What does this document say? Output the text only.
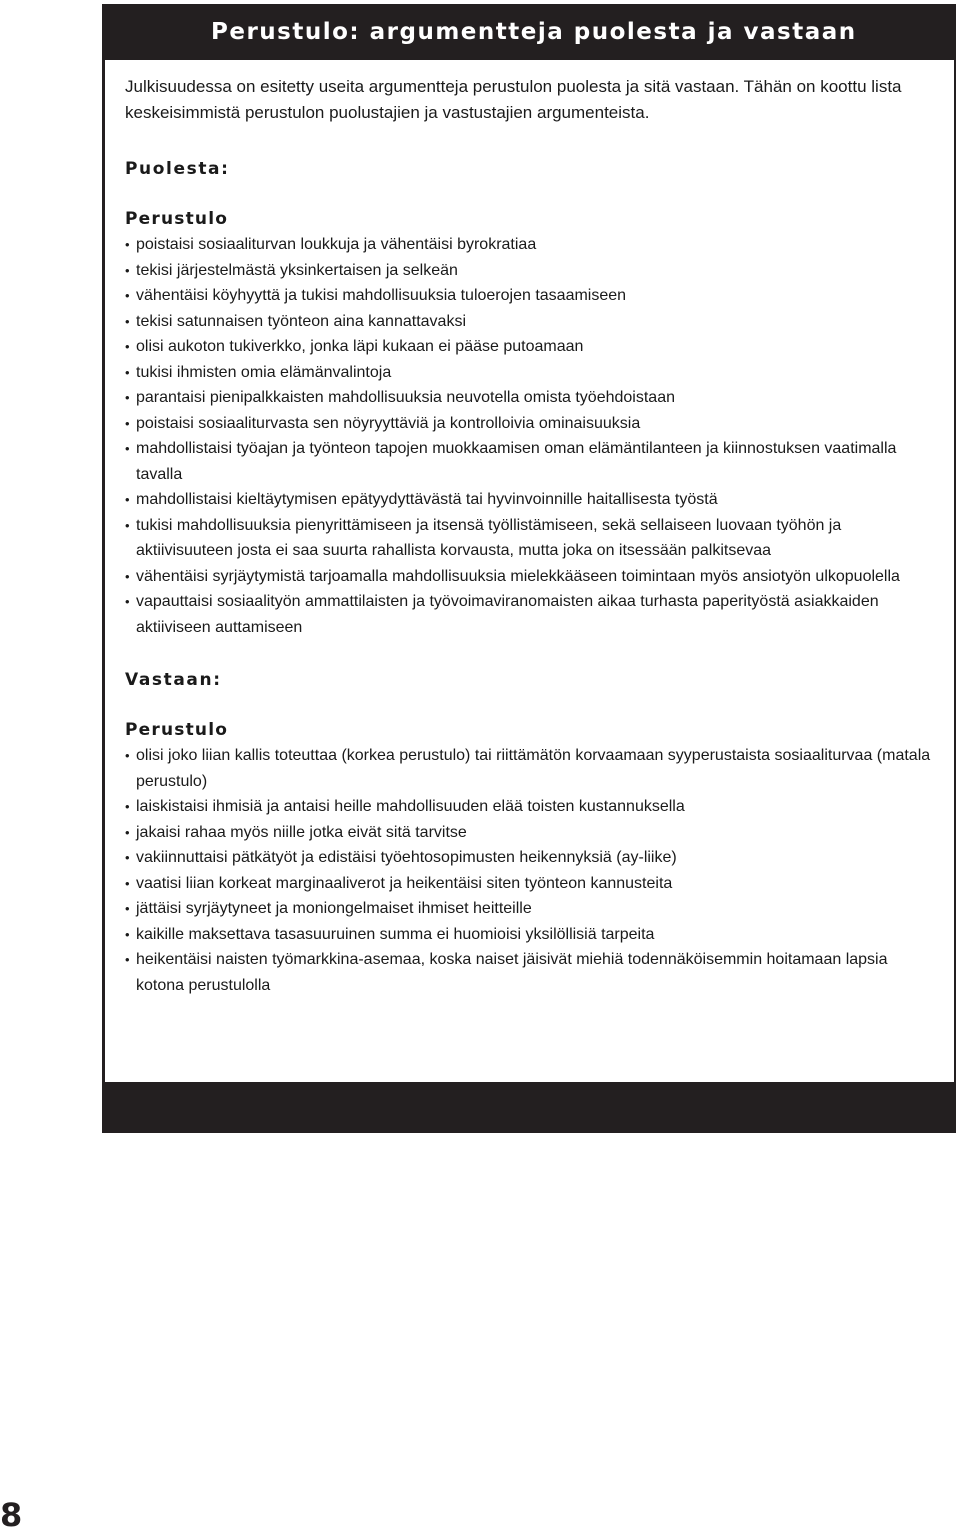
Perustulo: argumentteja puolesta ja vastaan

Julkisuudessa on esitetty useita argumentteja perustulon puolesta ja sitä vastaan. Tähän on koottu lista keskeisimmistä perustulon puolustajien ja vastustajien argumenteista.

Puolesta:
Perustulo
• poistaisi sosiaaliturvan loukkuja ja vähentäisi byrokratiaa
• tekisi järjestelmästä yksinkertaisen ja selkeän
• vähentäisi köyhyyttä ja tukisi mahdollisuuksia tuloerojen tasaamiseen
• tekisi satunnaisen työnteon aina kannattavaksi
• olisi aukoton tukiverkko, jonka läpi kukaan ei pääse putoamaan
• tukisi ihmisten omia elämänvalintoja
• parantaisi pienipalkkaisten mahdollisuuksia neuvotella omista työehdoistaan
• poistaisi sosiaaliturvasta sen nöyryyttäviä ja kontrolloivia ominaisuuksia
• mahdollistaisi työajan ja työnteon tapojen muokkaamisen oman elämäntilanteen ja kiinnostuksen vaatimalla tavalla
• mahdollistaisi kieltäytymisen epätyydyttävästä tai hyvinvoinnille haitallisesta työstä
• tukisi mahdollisuuksia pienyrittämiseen ja itsensä työllistämiseen, sekä sellaiseen luovaan työhön ja aktiivisuuteen josta ei saa suurta rahallista korvausta, mutta joka on itsessään palkitsevaa
• vähentäisi syrjäytymistä tarjoamalla mahdollisuuksia mielekkääseen toimintaan myös ansiotyön ulkopuolella
• vapauttaisi sosiaalityön ammattilaisten ja työvoimaviranomaisten aikaa turhasta paperityöstä asiakkaiden aktiiviseen auttamiseen
Vastaan:
Perustulo
• olisi joko liian kallis toteuttaa (korkea perustulo) tai riittämätön korvaamaan syyperustaista sosiaaliturvaa (matala perustulo)
• laiskistaisi ihmisiä ja antaisi heille mahdollisuuden elää toisten kustannuksella
• jakaisi rahaa myös niille jotka eivät sitä tarvitse
• vakiinnuttaisi pätkätyöt ja edistäisi työehtosopimusten heikennyksiä (ay-liike)
• vaatisi liian korkeat marginaaliverot ja heikentäisi siten työnteon kannusteita
• jättäisi syrjäytyneet ja moniongelmaiset ihmiset heitteille
• kaikille maksettava tasasuuruinen summa ei huomioisi yksilöllisiä tarpeita
• heikentäisi naisten työmarkkina-asemaa, koska naiset jäisivät miehiä todennäköisemmin hoitamaan lapsia kotona perustulolla
8
